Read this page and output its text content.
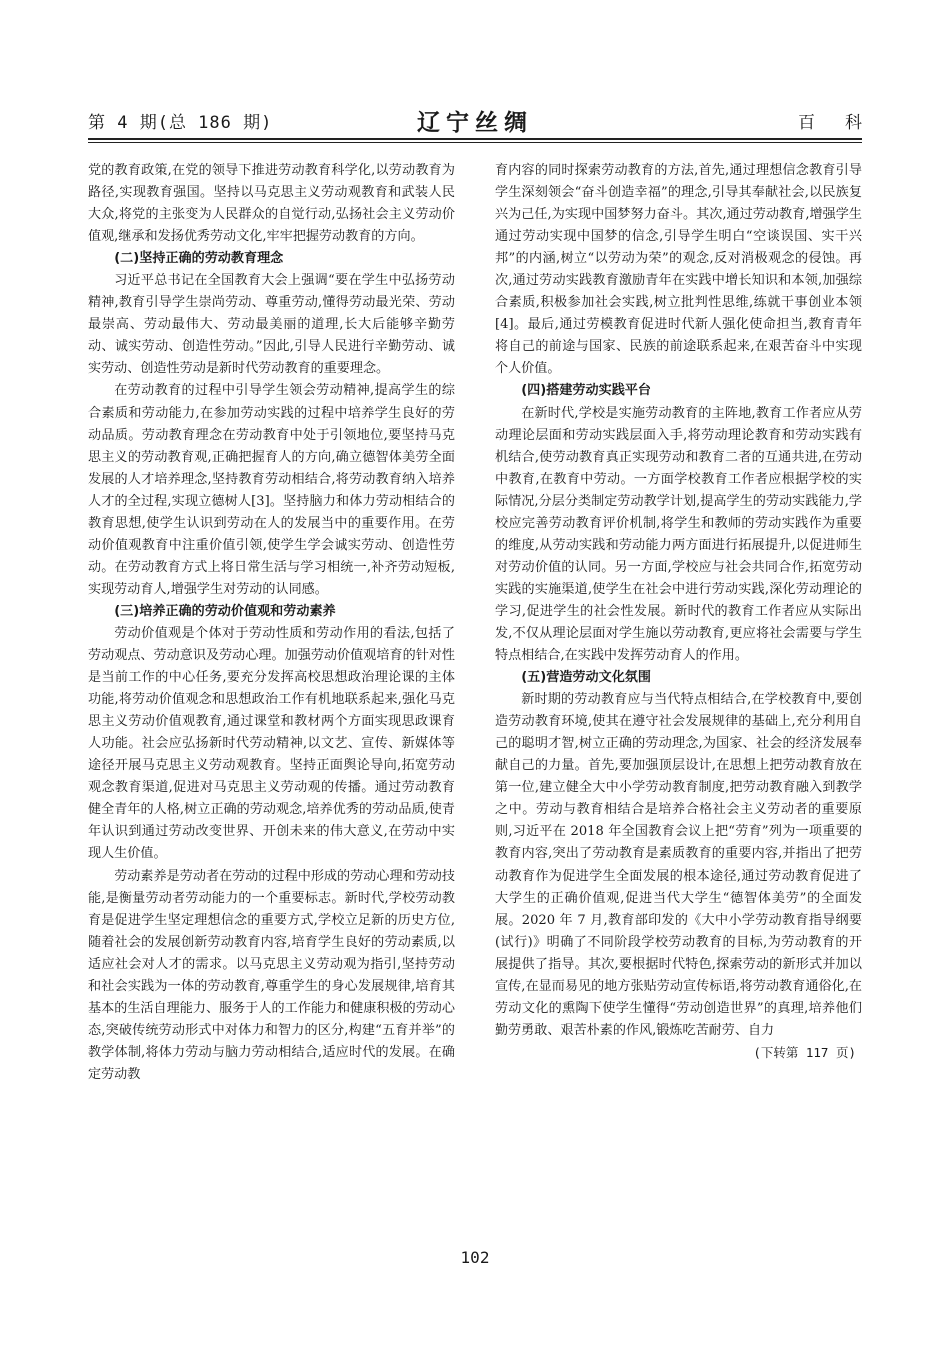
第 4 期(总 186 期)	辽宁丝绸	百科

党的教育政策,在党的领导下推进劳动教育科学化,以劳动教育为路径,实现教育强国。坚持以马克思主义劳动观教育和武装人民大众,将党的主张变为人民群众的自觉行动,弘扬社会主义劳动价值观,继承和发扬优秀劳动文化,牢牢把握劳动教育的方向。

(二)坚持正确的劳动教育理念

习近平总书记在全国教育大会上强调“要在学生中弘扬劳动精神,教育引导学生崇尚劳动、尊重劳动,懂得劳动最光荣、劳动最崇高、劳动最伟大、劳动最美丽的道理,长大后能够辛勤劳动、诚实劳动、创造性劳动。”因此,引导人民进行辛勤劳动、诚实劳动、创造性劳动是新时代劳动教育的重要理念。

在劳动教育的过程中引导学生领会劳动精神,提高学生的综合素质和劳动能力,在参加劳动实践的过程中培养学生良好的劳动品质。劳动教育理念在劳动教育中处于引领地位,要坚持马克思主义的劳动教育观,正确把握育人的方向,确立德智体美劳全面发展的人才培养理念,坚持教育劳动相结合,将劳动教育纳入培养人才的全过程,实现立德树人[3]。坚持脑力和体力劳动相结合的教育思想,使学生认识到劳动在人的发展当中的重要作用。在劳动价值观教育中注重价值引领,使学生学会诚实劳动、创造性劳动。在劳动教育方式上将日常生活与学习相统一,补齐劳动短板,实现劳动育人,增强学生对劳动的认同感。

(三)培养正确的劳动价值观和劳动素养

劳动价值观是个体对于劳动性质和劳动作用的看法,包括了劳动观点、劳动意识及劳动心理。加强劳动价值观培育的针对性是当前工作的中心任务,要充分发挥高校思想政治理论课的主体功能,将劳动价值观念和思想政治工作有机地联系起来,强化马克思主义劳动价值观教育,通过课堂和教材两个方面实现思政课育人功能。社会应弘扬新时代劳动精神,以文艺、宣传、新媒体等途径开展马克思主义劳动观教育。坚持正面舆论导向,拓宽劳动观念教育渠道,促进对马克思主义劳动观的传播。通过劳动教育健全青年的人格,树立正确的劳动观念,培养优秀的劳动品质,使青年认识到通过劳动改变世界、开创未来的伟大意义,在劳动中实现人生价值。

劳动素养是劳动者在劳动的过程中形成的劳动心理和劳动技能,是衡量劳动者劳动能力的一个重要标志。新时代,学校劳动教育是促进学生坚定理想信念的重要方式,学校立足新的历史方位,随着社会的发展创新劳动教育内容,培育学生良好的劳动素质,以适应社会对人才的需求。以马克思主义劳动观为指引,坚持劳动和社会实践为一体的劳动教育,尊重学生的身心发展规律,培育其基本的生活自理能力、服务于人的工作能力和健康积极的劳动心态,突破传统劳动形式中对体力和智力的区分,构建“五育并举”的教学体制,将体力劳动与脑力劳动相结合,适应时代的发展。在确定劳动教

育内容的同时探索劳动教育的方法,首先,通过理想信念教育引导学生深刻领会“奋斗创造幸福”的理念,引导其奉献社会,以民族复兴为己任,为实现中国梦努力奋斗。其次,通过劳动教育,增强学生通过劳动实现中国梦的信念,引导学生明白“空谈误国、实干兴邦”的内涵,树立“以劳动为荣”的观念,反对消极观念的侵蚀。再次,通过劳动实践教育激励青年在实践中增长知识和本领,加强综合素质,积极参加社会实践,树立批判性思维,练就干事创业本领[4]。最后,通过劳模教育促进时代新人强化使命担当,教育青年将自己的前途与国家、民族的前途联系起来,在艰苦奋斗中实现个人价值。

(四)搭建劳动实践平台

在新时代,学校是实施劳动教育的主阵地,教育工作者应从劳动理论层面和劳动实践层面入手,将劳动理论教育和劳动实践有机结合,使劳动教育真正实现劳动和教育二者的互通共进,在劳动中教育,在教育中劳动。一方面学校教育工作者应根据学校的实际情况,分层分类制定劳动教学计划,提高学生的劳动实践能力,学校应完善劳动教育评价机制,将学生和教师的劳动实践作为重要的维度,从劳动实践和劳动能力两方面进行拓展提升,以促进师生对劳动价值的认同。另一方面,学校应与社会共同合作,拓宽劳动实践的实施渠道,使学生在社会中进行劳动实践,深化劳动理论的学习,促进学生的社会性发展。新时代的教育工作者应从实际出发,不仅从理论层面对学生施以劳动教育,更应将社会需要与学生特点相结合,在实践中发挥劳动育人的作用。

(五)营造劳动文化氛围

新时期的劳动教育应与当代特点相结合,在学校教育中,要创造劳动教育环境,使其在遵守社会发展规律的基础上,充分利用自己的聪明才智,树立正确的劳动理念,为国家、社会的经济发展奉献自己的力量。首先,要加强顶层设计,在思想上把劳动教育放在第一位,建立健全大中小学劳动教育制度,把劳动教育融入到教学之中。劳动与教育相结合是培养合格社会主义劳动者的重要原则,习近平在 2018 年全国教育会议上把“劳育”列为一项重要的教育内容,突出了劳动教育是素质教育的重要内容,并指出了把劳动教育作为促进学生全面发展的根本途径,通过劳动教育促进了大学生的正确价值观,促进当代大学生“德智体美劳”的全面发展。2020 年 7 月,教育部印发的《大中小学劳动教育指导纲要(试行)》明确了不同阶段学校劳动教育的目标,为劳动教育的开展提供了指导。其次,要根据时代特色,探索劳动的新形式并加以宣传,在显而易见的地方张贴劳动宣传标语,将劳动教育通俗化,在劳动文化的熏陶下使学生懂得“劳动创造世界”的真理,培养他们勤劳勇敢、艰苦朴素的作风,锻炼吃苦耐劳、自力

(下转第 117 页)
102
